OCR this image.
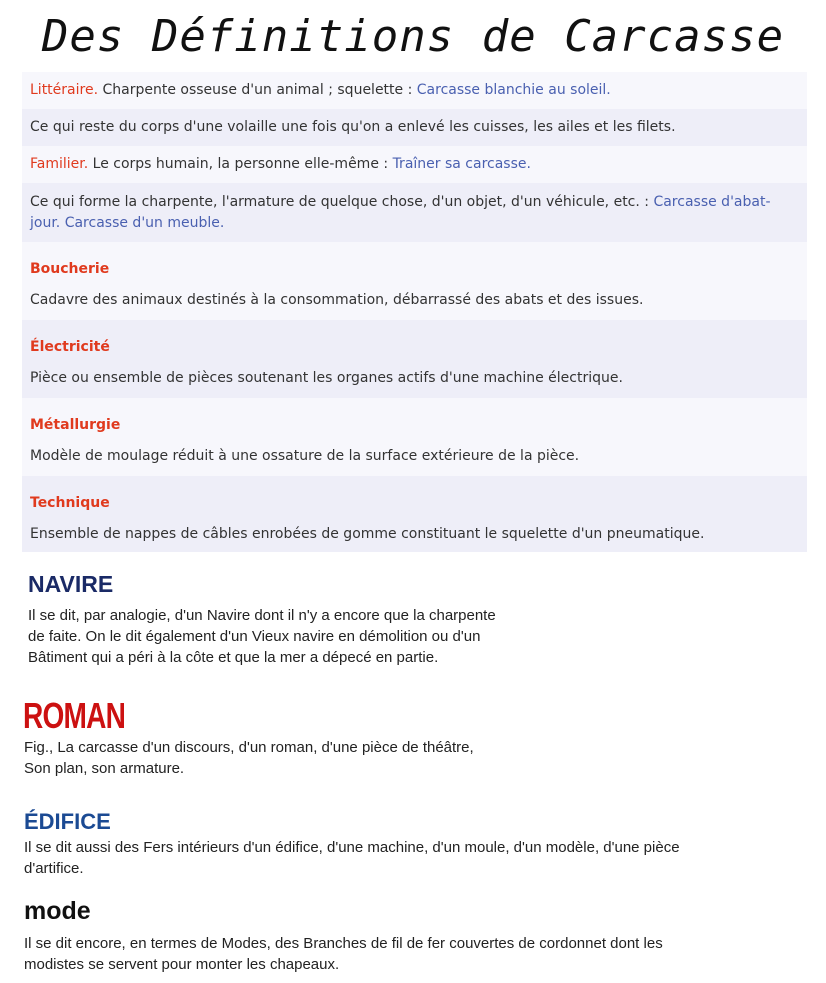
Des Définitions de Carcasse
Littéraire. Charpente osseuse d'un animal ; squelette : Carcasse blanchie au soleil.
Ce qui reste du corps d'une volaille une fois qu'on a enlevé les cuisses, les ailes et les filets.
Familier. Le corps humain, la personne elle-même : Traîner sa carcasse.
Ce qui forme la charpente, l'armature de quelque chose, d'un objet, d'un véhicule, etc. : Carcasse d'abat-jour. Carcasse d'un meuble.
Boucherie
Cadavre des animaux destinés à la consommation, débarrassé des abats et des issues.
Électricité
Pièce ou ensemble de pièces soutenant les organes actifs d'une machine électrique.
Métallurgie
Modèle de moulage réduit à une ossature de la surface extérieure de la pièce.
Technique
Ensemble de nappes de câbles enrobées de gomme constituant le squelette d'un pneumatique.
NAVIRE

Il se dit, par analogie, d'un Navire dont il n'y a encore que la charpente de faite. On le dit également d'un Vieux navire en démolition ou d'un Bâtiment qui a péri à la côte et que la mer a dépecé en partie.

ROMAN

Fig., La carcasse d'un discours, d'un roman, d'une pièce de théâtre, Son plan, son armature.

ÉDIFICE

Il se dit aussi des Fers intérieurs d'un édifice, d'une machine, d'un moule, d'un modèle, d'une pièce d'artifice.

mode

Il se dit encore, en termes de Modes, des Branches de fil de fer couvertes de cordonnet dont les modistes se servent pour monter les chapeaux.
